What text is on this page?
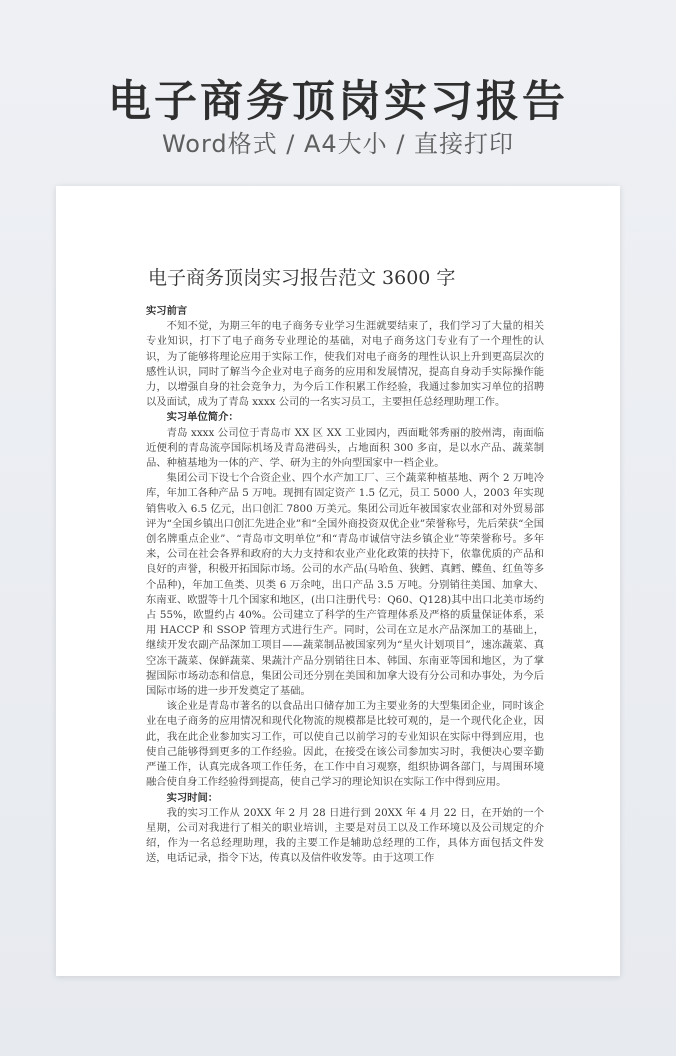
电子商务顶岗实习报告
Word格式 / A4大小 / 直接打印
电子商务顶岗实习报告范文 3600 字

实习前言

不知不觉，为期三年的电子商务专业学习生涯就要结束了，我们学习了大量的相关专业知识，打下了电子商务专业理论的基础，对电子商务这门专业有了一个理性的认识，为了能够将理论应用于实际工作，使我们对电子商务的理性认识上升到更高层次的感性认识，同时了解当今企业对电子商务的应用和发展情况，提高自身动手实际操作能力，以增强自身的社会竞争力，为今后工作积累工作经验，我通过参加实习单位的招聘以及面试，成为了青岛 xxxx 公司的一名实习员工，主要担任总经理助理工作。

实习单位简介：

青岛 xxxx 公司位于青岛市 XX 区 XX 工业园内，西面毗邻秀丽的胶州湾，南面临近便利的青岛流亭国际机场及青岛港码头，占地面积 300 多亩，是以水产品、蔬菜制品、种植基地为一体的产、学、研为主的外向型国家中一档企业。

集团公司下设七个合资企业、四个水产加工厂、三个蔬菜种植基地、两个 2 万吨冷库，年加工各种产品 5 万吨。现拥有固定资产 1.5 亿元，员工 5000 人，2003 年实现销售收入 6.5 亿元，出口创汇 7800 万美元。集团公司近年被国家农业部和对外贸易部评为“全国乡镇出口创汇先进企业”和“全国外商投资双优企业”荣誉称号，先后荣获“全国创名牌重点企业”、“青岛市文明单位”和“青岛市诚信守法乡镇企业”等荣誉称号。多年来，公司在社会各界和政府的大力支持和农业产业化政策的扶持下，依靠优质的产品和良好的声誉，积极开拓国际市场。公司的水产品(马哈鱼、狭鳕、真鳕、鲽鱼、红鱼等多个品种)，年加工鱼类、贝类 6 万余吨，出口产品 3.5 万吨。分别销往美国、加拿大、东南亚、欧盟等十几个国家和地区，(出口注册代号：Q60、Q128)其中出口北美市场约占 55%，欧盟约占 40%。公司建立了科学的生产管理体系及严格的质量保证体系，采用 HACCP 和 SSOP 管理方式进行生产。同时，公司在立足水产品深加工的基础上，继续开发农副产品深加工项目——蔬菜制品被国家列为“星火计划项目”，速冻蔬菜、真空冻干蔬菜、保鲜蔬菜、果蔬汁产品分别销往日本、韩国、东南亚等国和地区，为了掌握国际市场动态和信息，集团公司还分别在美国和加拿大设有分公司和办事处，为今后国际市场的进一步开发奠定了基础。

该企业是青岛市著名的以食品出口储存加工为主要业务的大型集团企业，同时该企业在电子商务的应用情况和现代化物流的规模都是比较可观的，是一个现代化企业，因此，我在此企业参加实习工作，可以使自己以前学习的专业知识在实际中得到应用，也使自己能够得到更多的工作经验。因此，在接受在该公司参加实习时，我便决心要辛勤严谨工作，认真完成各项工作任务，在工作中自习观察，组织协调各部门，与周围环境融合使自身工作经验得到提高，使自己学习的理论知识在实际工作中得到应用。

实习时间：

我的实习工作从 20XX 年 2 月 28 日进行到 20XX 年 4 月 22 日，在开始的一个星期，公司对我进行了相关的职业培训，主要是对员工以及工作环境以及公司规定的介绍，作为一名总经理助理，我的主要工作是辅助总经理的工作，具体方面包括文件发送，电话记录，指令下达，传真以及信件收发等。由于这项工作
